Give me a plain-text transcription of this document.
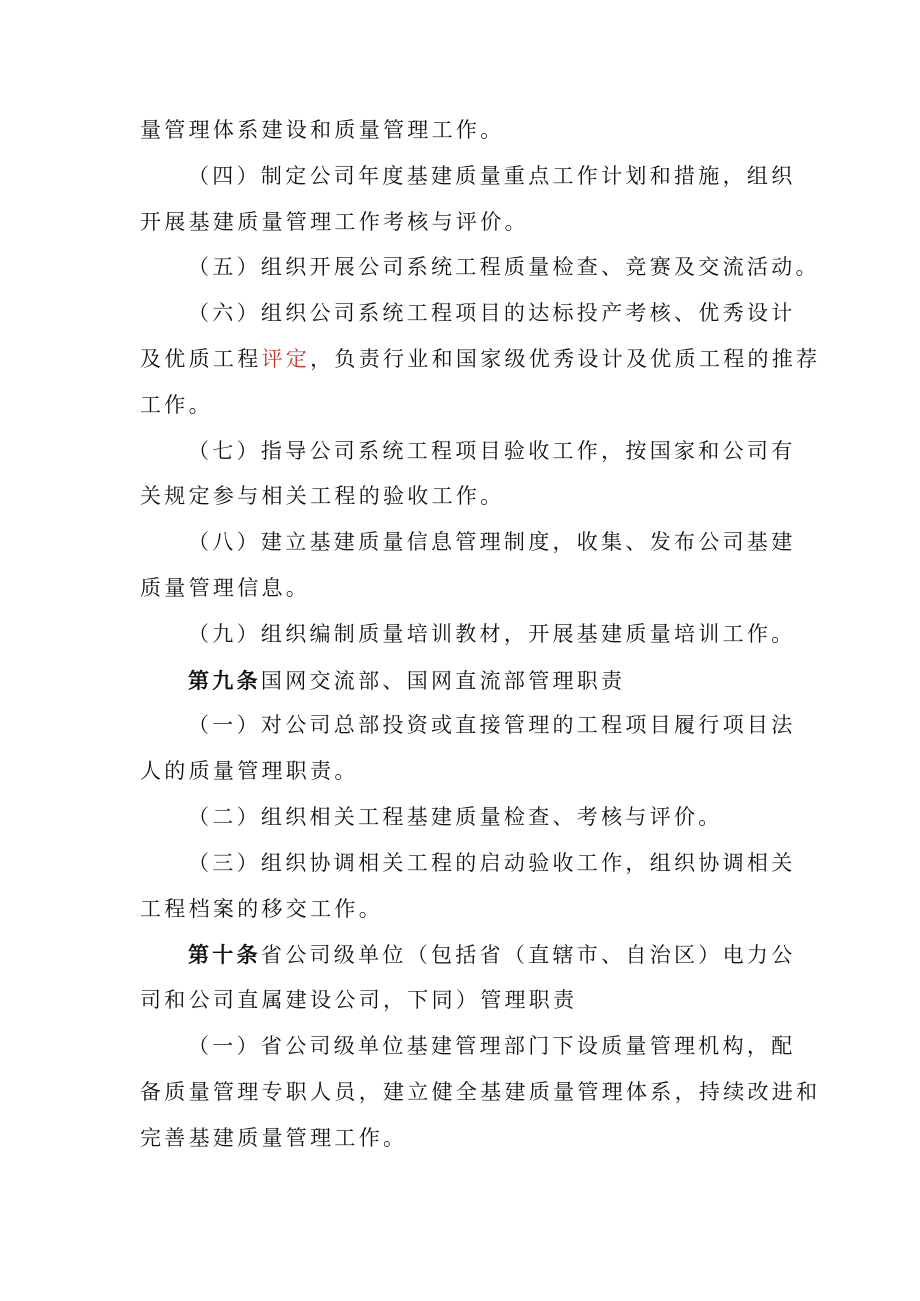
量管理体系建设和质量管理工作。
（四）制定公司年度基建质量重点工作计划和措施，组织
开展基建质量管理工作考核与评价。
（五）组织开展公司系统工程质量检查、竞赛及交流活动。
（六）组织公司系统工程项目的达标投产考核、优秀设计
及优质工程评定，负责行业和国家级优秀设计及优质工程的推荐
工作。
（七）指导公司系统工程项目验收工作，按国家和公司有
关规定参与相关工程的验收工作。
（八）建立基建质量信息管理制度，收集、发布公司基建
质量管理信息。
（九）组织编制质量培训教材，开展基建质量培训工作。
第九条国网交流部、国网直流部管理职责
（一）对公司总部投资或直接管理的工程项目履行项目法
人的质量管理职责。
（二）组织相关工程基建质量检查、考核与评价。
（三）组织协调相关工程的启动验收工作，组织协调相关
工程档案的移交工作。
第十条省公司级单位（包括省（直辖市、自治区）电力公
司和公司直属建设公司，下同）管理职责
（一）省公司级单位基建管理部门下设质量管理机构，配
备质量管理专职人员，建立健全基建质量管理体系，持续改进和
完善基建质量管理工作。
